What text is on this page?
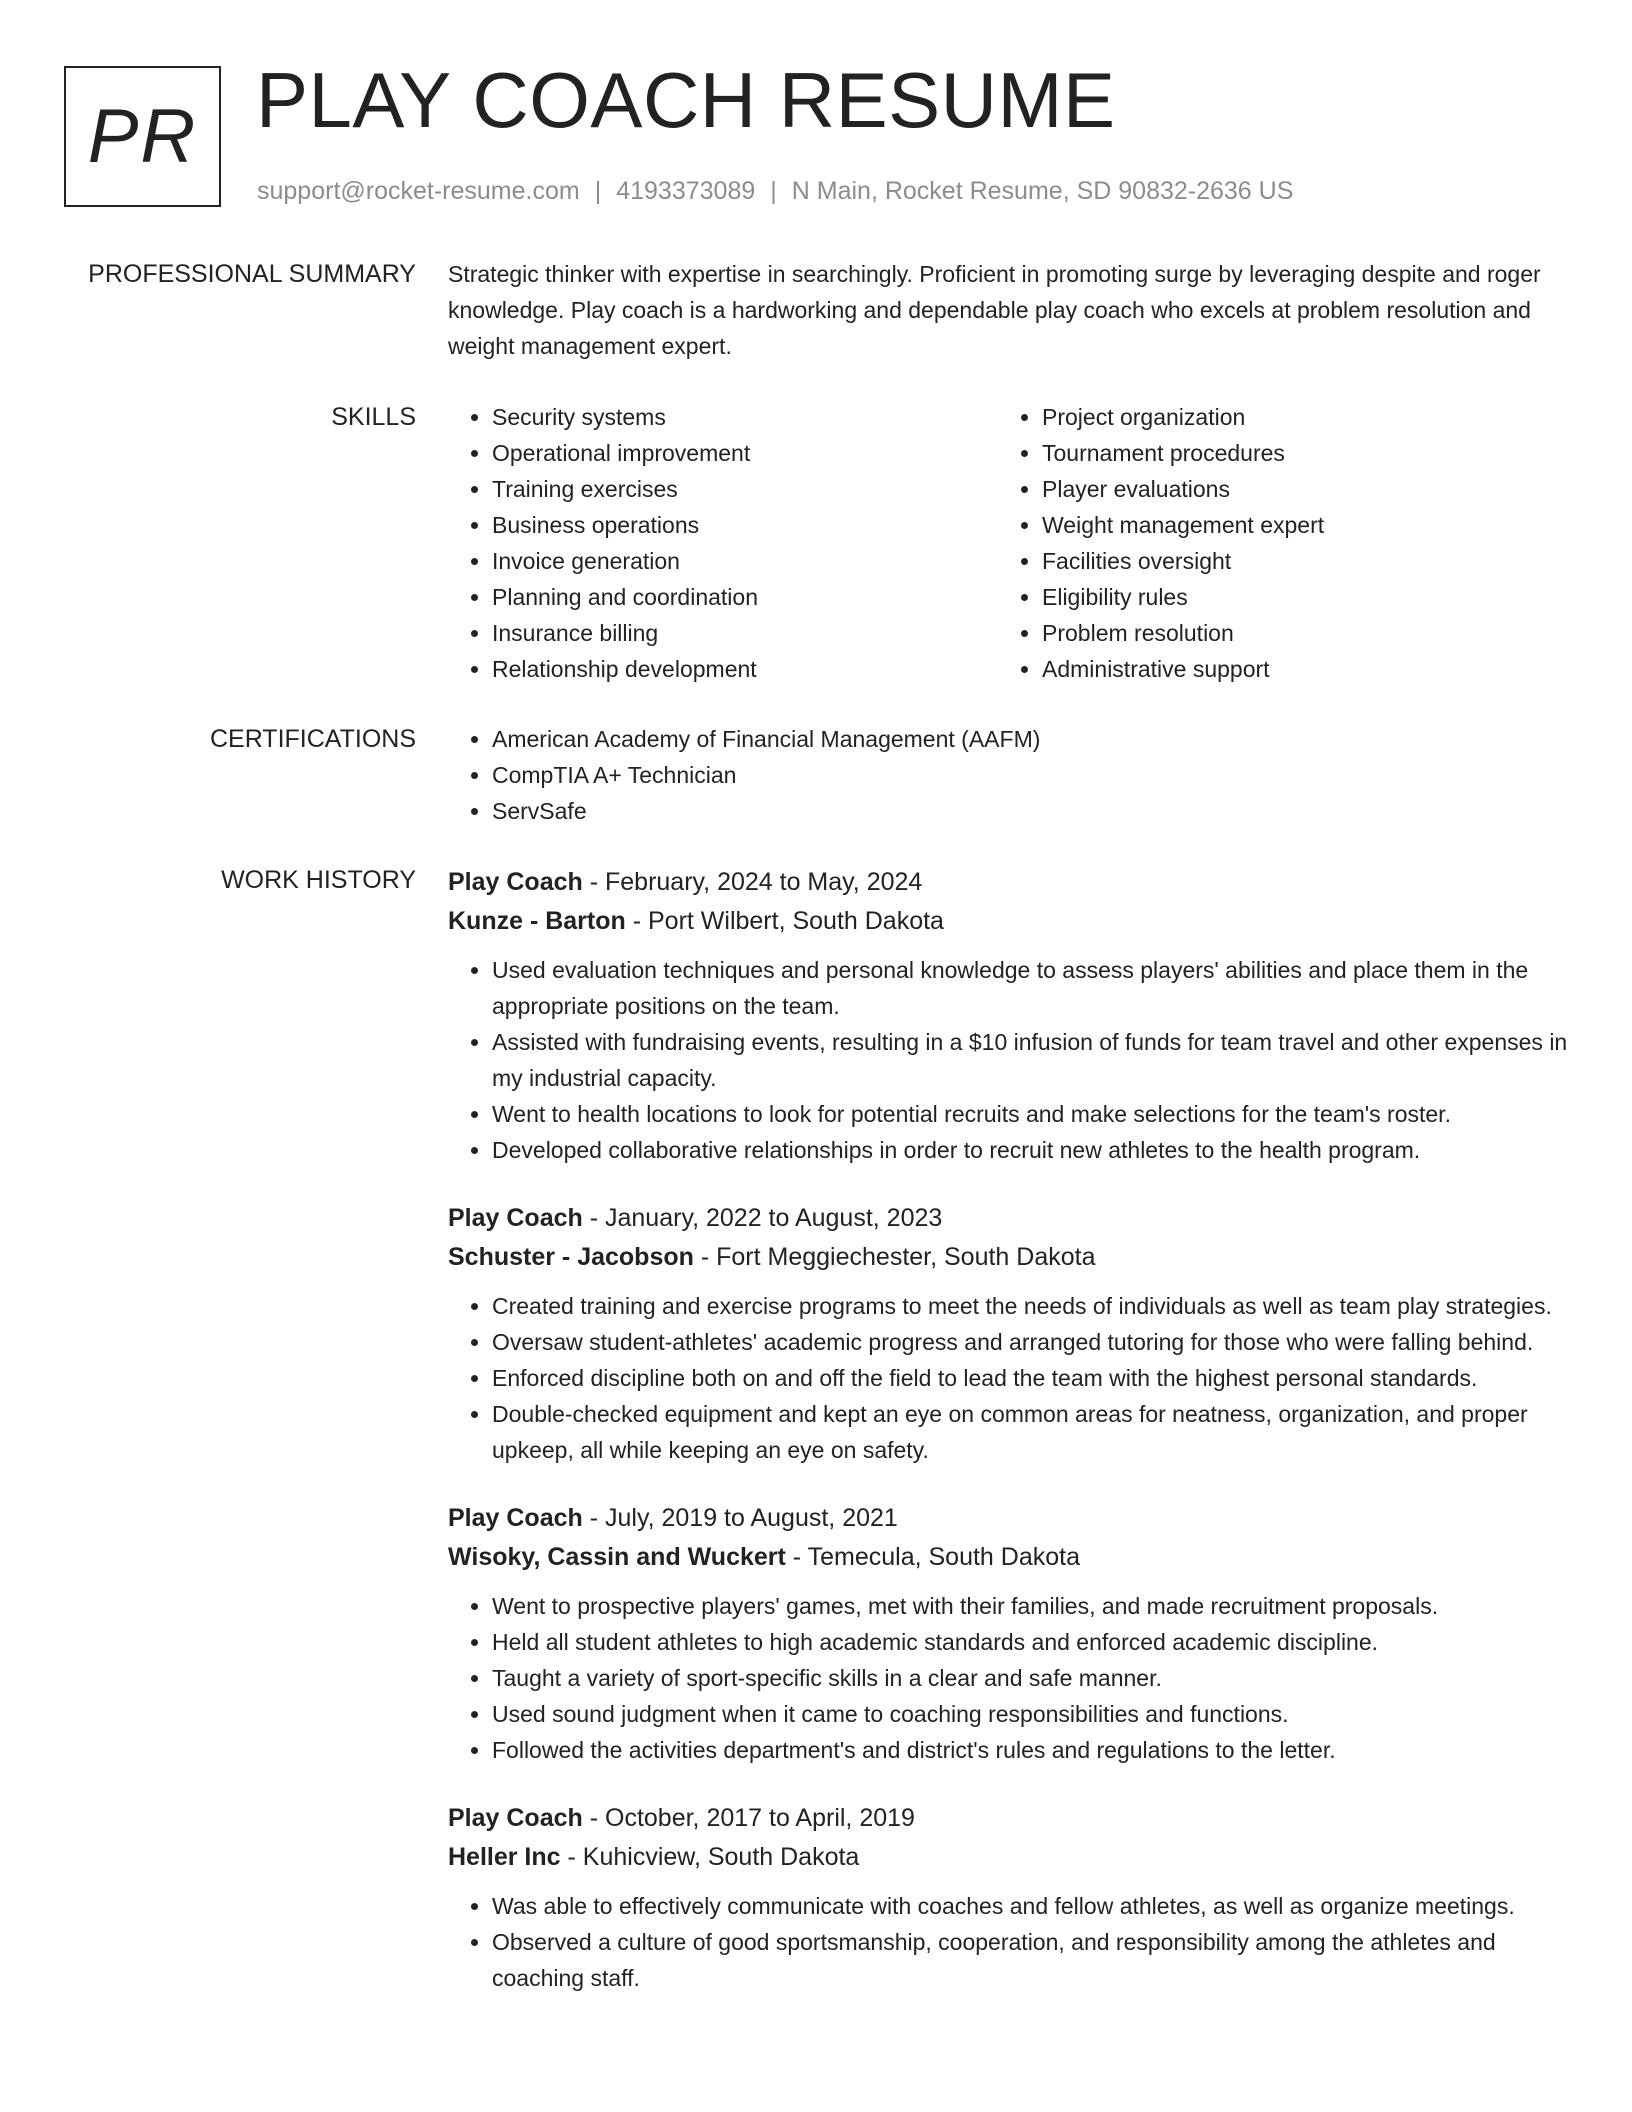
PR PLAY COACH RESUME
support@rocket-resume.com | 4193373089 | N Main, Rocket Resume, SD 90832-2636 US
PROFESSIONAL SUMMARY Strategic thinker with expertise in searchingly. Proficient in promoting surge by leveraging despite and roger knowledge. Play coach is a hardworking and dependable play coach who excels at problem resolution and weight management expert.
SKILLS	• Security systems
• Operational improvement
• Training exercises
• Business operations
• Invoice generation
• Planning and coordination
• Insurance billing
• Relationship development
• Project organization
• Tournament procedures
• Player evaluations
• Weight management expert
• Facilities oversight
• Eligibility rules
• Problem resolution
• Administrative support
CERTIFICATIONS	• American Academy of Financial Management (AAFM)
• CompTIA A+ Technician
• ServSafe
WORK HISTORY Play Coach - February, 2024 to May, 2024
Kunze - Barton - Port Wilbert, South Dakota
• Used evaluation techniques and personal knowledge to assess players' abilities and place them in the appropriate positions on the team.
• Assisted with fundraising events, resulting in a $10 infusion of funds for team travel and other expenses in my industrial capacity.
• Went to health locations to look for potential recruits and make selections for the team's roster.
• Developed collaborative relationships in order to recruit new athletes to the health program.
Play Coach - January, 2022 to August, 2023
Schuster - Jacobson - Fort Meggiechester, South Dakota
• Created training and exercise programs to meet the needs of individuals as well as team play strategies.
• Oversaw student-athletes' academic progress and arranged tutoring for those who were falling behind.
• Enforced discipline both on and off the field to lead the team with the highest personal standards.
• Double-checked equipment and kept an eye on common areas for neatness, organization, and proper upkeep, all while keeping an eye on safety.
Play Coach - July, 2019 to August, 2021
Wisoky, Cassin and Wuckert - Temecula, South Dakota
• Went to prospective players' games, met with their families, and made recruitment proposals.
• Held all student athletes to high academic standards and enforced academic discipline.
• Taught a variety of sport-specific skills in a clear and safe manner.
• Used sound judgment when it came to coaching responsibilities and functions.
• Followed the activities department's and district's rules and regulations to the letter.
Play Coach - October, 2017 to April, 2019
Heller Inc - Kuhicview, South Dakota
• Was able to effectively communicate with coaches and fellow athletes, as well as organize meetings.
• Observed a culture of good sportsmanship, cooperation, and responsibility among the athletes and coaching staff.
